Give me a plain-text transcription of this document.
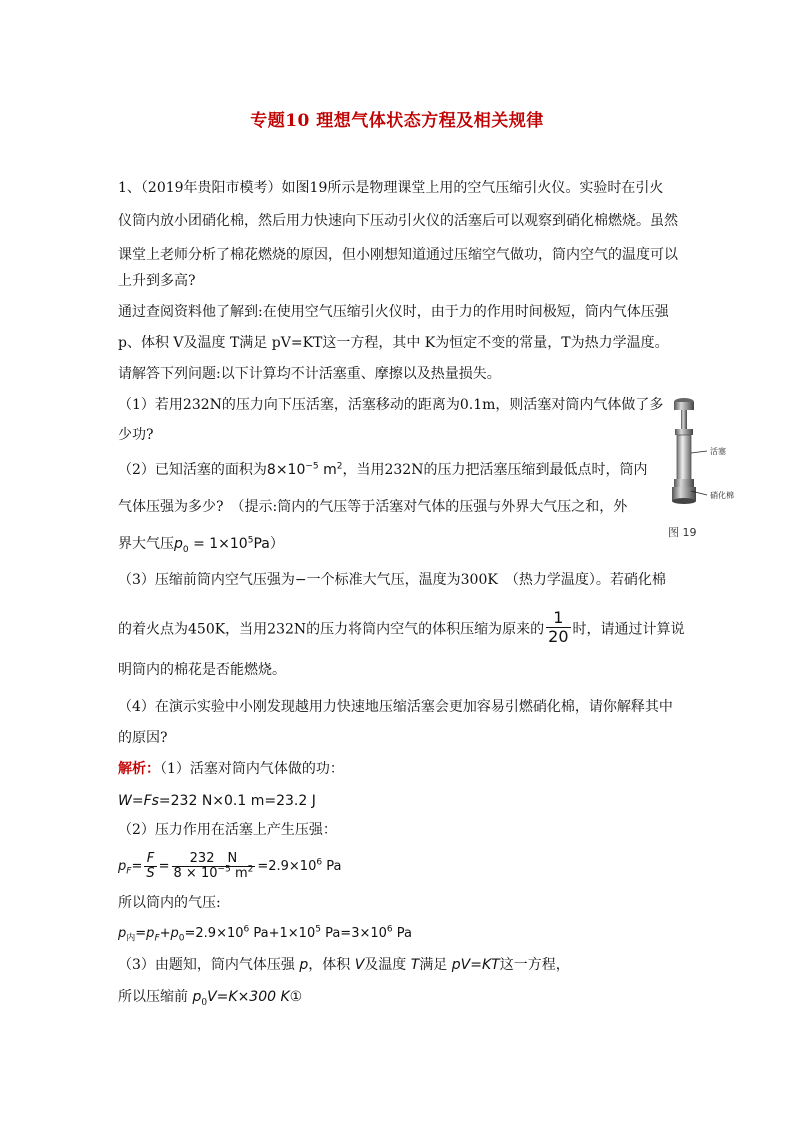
专题10 理想气体状态方程及相关规律
1、（2019年贵阳市模考）如图19所示是物理课堂上用的空气压缩引火仪。实验时在引火
仪筒内放小团硝化棉，然后用力快速向下压动引火仪的活塞后可以观察到硝化棉燃烧。虽然
课堂上老师分析了棉花燃烧的原因，但小刚想知道通过压缩空气做功，筒内空气的温度可以
上升到多高?
通过查阅资料他了解到:在使用空气压缩引火仪时，由于力的作用时间极短，筒内气体压强
p、体积 V及温度 T满足 pV=KT这一方程，其中 K为恒定不变的常量，T为热力学温度。
请解答下列问题:以下计算均不计活塞重、摩擦以及热量损失。
（1）若用232N的压力向下压活塞，活塞移动的距离为0.1m，则活塞对筒内气体做了多
少功?
（2）已知活塞的面积为$8\times 10^{-5}$ $m^2$，当用232N的压力把活塞压缩到最低点时，筒内
气体压强为多少?　（提示:筒内的气压等于活塞对气体的压强与外界大气压之和，外
界大气压$p_0 = 1\times 10^5Pa$）
（3）压缩前筒内空气压强为−一个标准大气压，温度为300K　（热力学温度）。若硝化棉
的着火点为450K，当用232N的压力将筒内空气的体积压缩为原来的 $\frac{1}{20}$ 时，请通过计算说
明筒内的棉花是否能燃烧。
（4）在演示实验中小刚发现越用力快速地压缩活塞会更加容易引燃硝化棉，请你解释其中
的原因?
解析：（1）活塞对筒内气体做的功：
W=Fs=232 N×0.1 m=23.2 J
（2）压力作用在活塞上产生压强：
$p_F= \frac{F}{S} = \frac{232 N}{8 \times 10^{-5} m^2} =2.9\times 10^6$ Pa
所以筒内的气压:
$p_内=p_F+p_0=2.9\times 10^6$ $Pa+1\times 10^5$ $Pa=3\times 10^6$ Pa
（3）由题知，筒内气体压强 p，体积 V及温度 T满足 pV=KT这一方程，
所以压缩前 $p_0V=K\times 300$ K①
活塞
硝化棉
图 19
